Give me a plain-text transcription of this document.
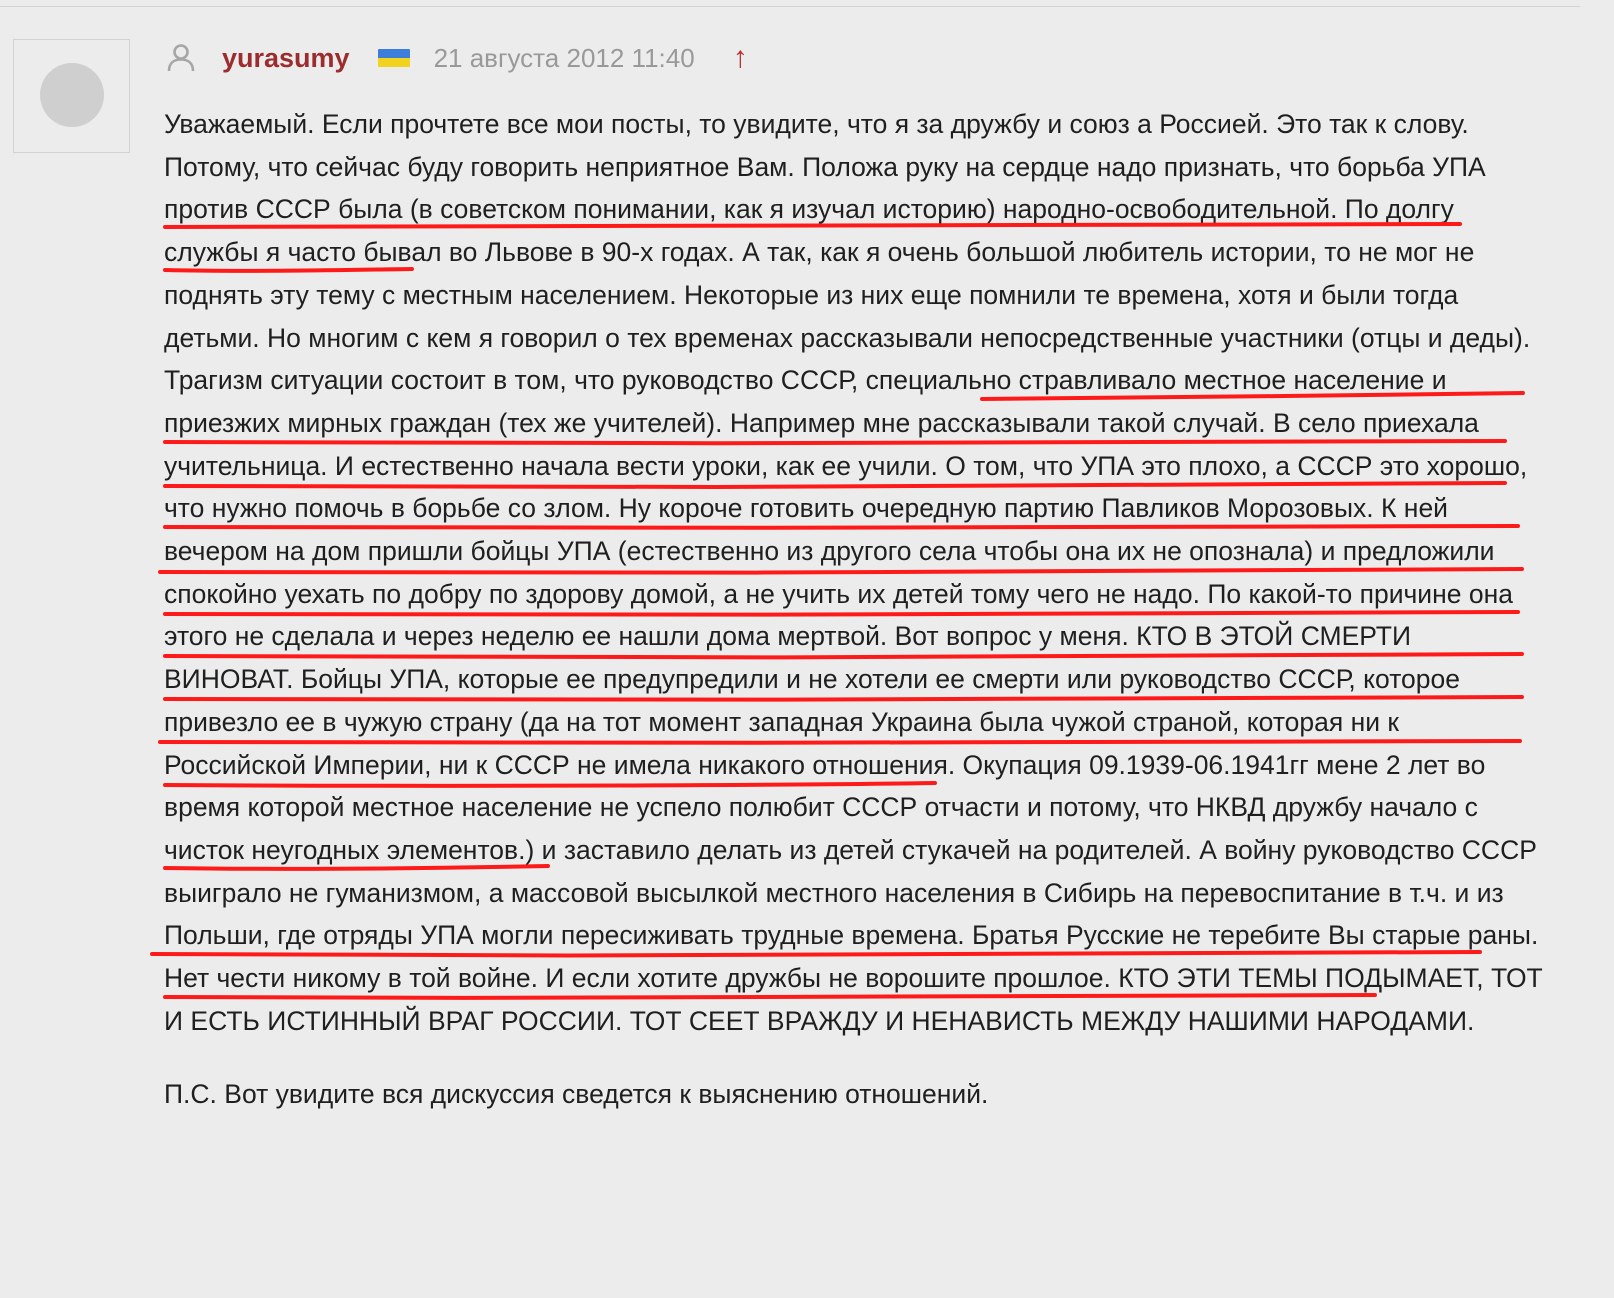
yurasumy	21 августа 2012 11:40 ↑

Уважаемый. Если прочтете все мои посты, то увидите, что я за дружбу и союз а Россией. Это так к слову. Потому, что сейчас буду говорить неприятное Вам. Положа руку на сердце надо признать, что борьба УПА против СССР была (в советском понимании, как я изучал историю) народно-освободительной. По долгу службы я часто бывал во Львове в 90-х годах. А так, как я очень большой любитель истории, то не мог не поднять эту тему с местным населением. Некоторые из них еще помнили те времена, хотя и были тогда детьми. Но многим с кем я говорил о тех временах рассказывали непосредственные участники (отцы и деды). Трагизм ситуации состоит в том, что руководство СССР, специально стравливало местное население и приезжих мирных граждан (тех же учителей). Например мне рассказывали такой случай. В село приехала учительница. И естественно начала вести уроки, как ее учили. О том, что УПА это плохо, а СССР это хорошо, что нужно помочь в борьбе со злом. Ну короче готовить очередную партию Павликов Морозовых. К ней вечером на дом пришли бойцы УПА (естественно из другого села чтобы она их не опознала) и предложили спокойно уехать по добру по здорову домой, а не учить их детей тому чего не надо. По какой-то причине она этого не сделала и через неделю ее нашли дома мертвой. Вот вопрос у меня. КТО В ЭТОЙ СМЕРТИ ВИНОВАТ. Бойцы УПА, которые ее предупредили и не хотели ее смерти или руководство СССР, которое привезло ее в чужую страну (да на тот момент западная Украина была чужой страной, которая ни к Российской Империи, ни к СССР не имела никакого отношения. Окупация 09.1939-06.1941гг мене 2 лет во время которой местное население не успело полюбит СССР отчасти и потому, что НКВД дружбу начало с чисток неугодных элементов.) и заставило делать из детей стукачей на родителей. А войну руководство СССР выиграло не гуманизмом, а массовой высылкой местного населения в Сибирь на перевоспитание в т.ч. и из Польши, где отряды УПА могли пересиживать трудные времена. Братья Русские не теребите Вы старые раны. Нет чести никому в той войне. И если хотите дружбы не ворошите прошлое. КТО ЭТИ ТЕМЫ ПОДЫМАЕТ, ТОТ И ЕСТЬ ИСТИННЫЙ ВРАГ РОССИИ. ТОТ СЕЕТ ВРАЖДУ И НЕНАВИСТЬ МЕЖДУ НАШИМИ НАРОДАМИ.

П.С. Вот увидите вся дискуссия сведется к выяснению отношений.
